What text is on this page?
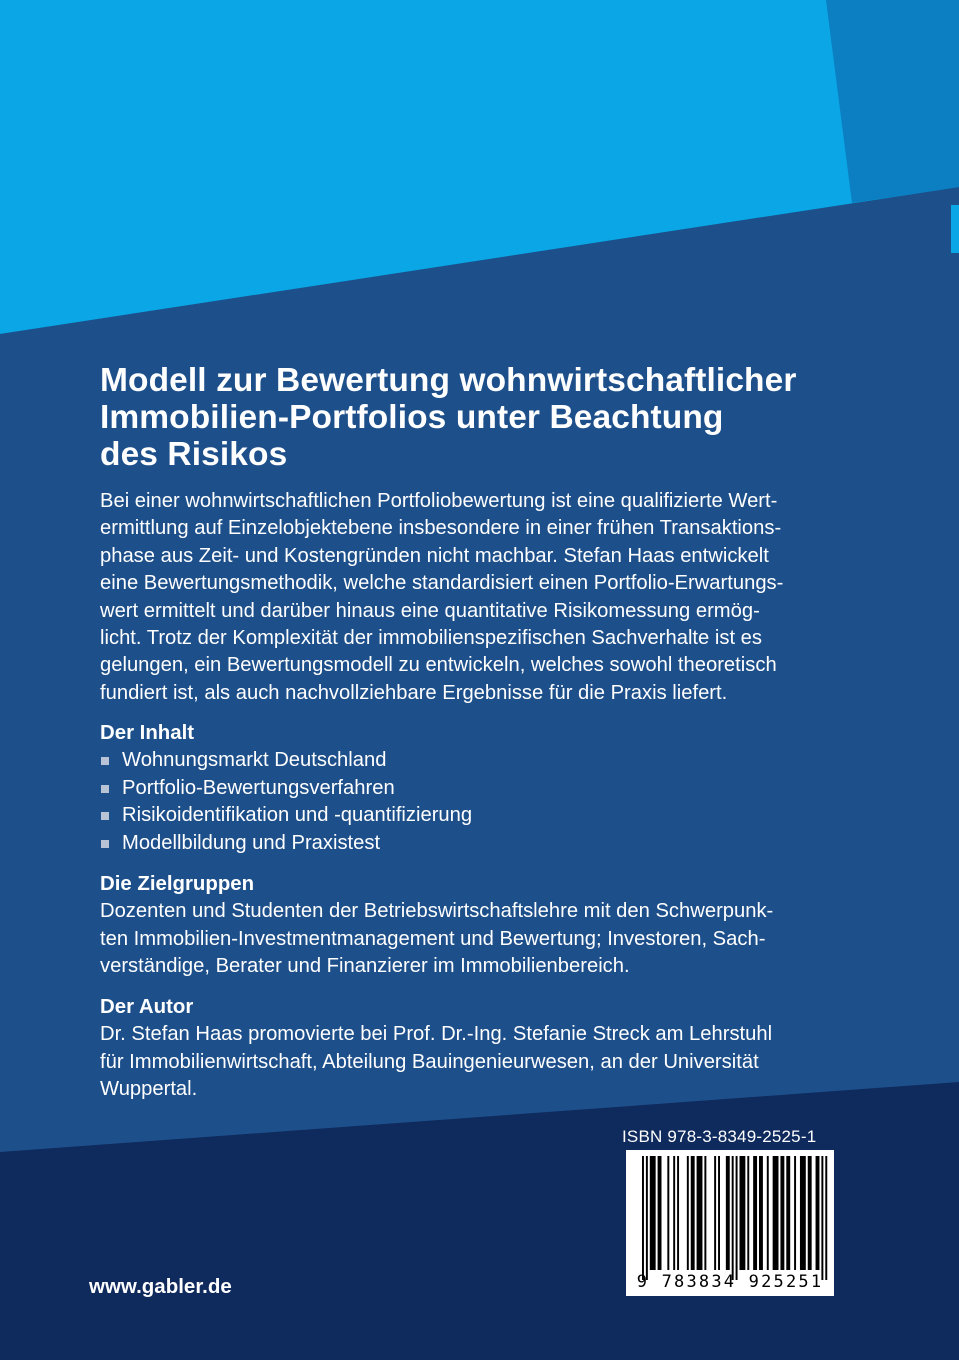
Modell zur Bewertung wohnwirtschaftlicher
Immobilien-Portfolios unter Beachtung
des Risikos
Bei einer wohnwirtschaftlichen Portfoliobewertung ist eine qualifizierte Wert-
ermittlung auf Einzelobjektebene insbesondere in einer frühen Transaktions-
phase aus Zeit- und Kostengründen nicht machbar. Stefan Haas entwickelt
eine Bewertungsmethodik, welche standardisiert einen Portfolio-Erwartungs-
wert ermittelt und darüber hinaus eine quantitative Risikomessung ermög-
licht. Trotz der Komplexität der immobilienspezifischen Sachverhalte ist es
gelungen, ein Bewertungsmodell zu entwickeln, welches sowohl theoretisch
fundiert ist, als auch nachvollziehbare Ergebnisse für die Praxis liefert.
Der Inhalt
Wohnungsmarkt Deutschland
Portfolio-Bewertungsverfahren
Risikoidentifikation und -quantifizierung
Modellbildung und Praxistest
Die Zielgruppen
Dozenten und Studenten der Betriebswirtschaftslehre mit den Schwerpunk-
ten Immobilien-Investmentmanagement und Bewertung; Investoren, Sach-
verständige, Berater und Finanzierer im Immobilienbereich.
Der Autor
Dr. Stefan Haas promovierte bei Prof. Dr.-Ing. Stefanie Streck am Lehrstuhl
für Immobilienwirtschaft, Abteilung Bauingenieurwesen, an der Universität
Wuppertal.
ISBN 978-3-8349-2525-1
9 783834 925251
www.gabler.de
